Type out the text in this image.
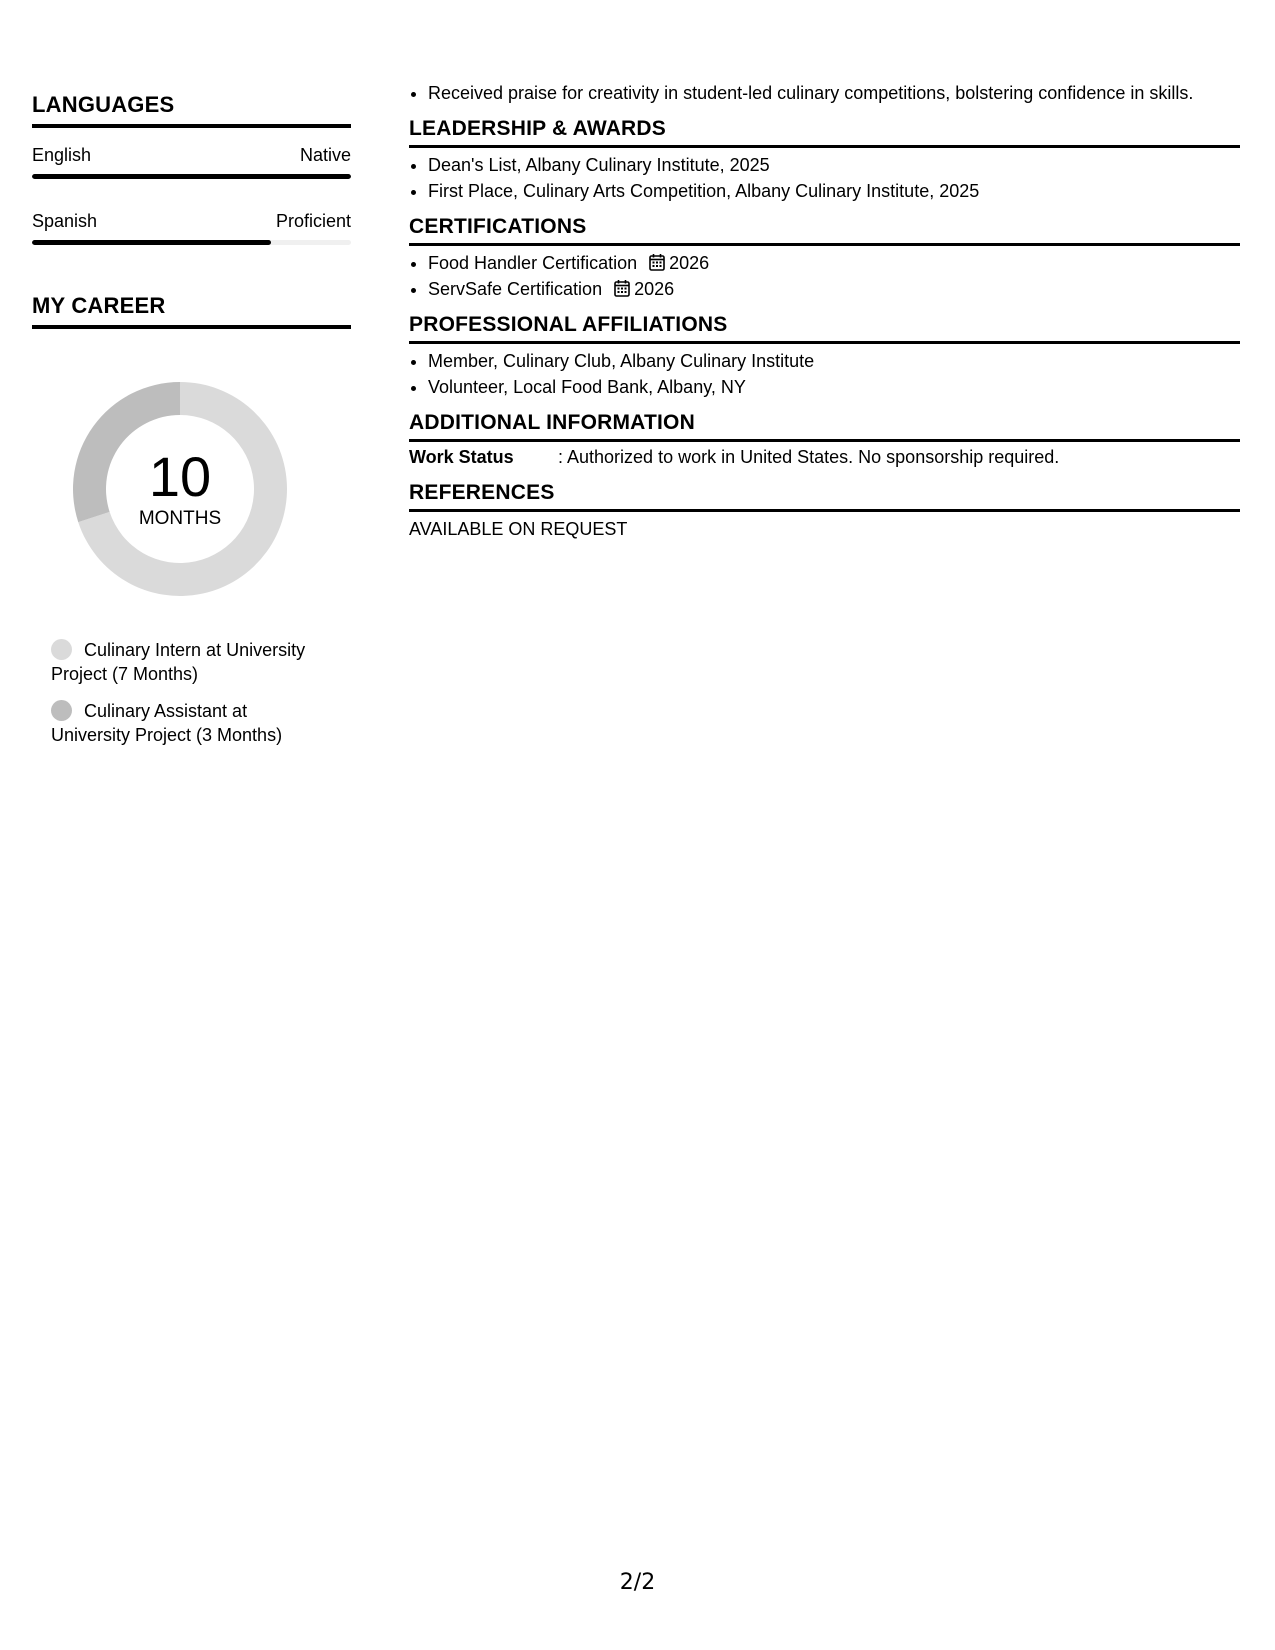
LANGUAGES
English	Native
Spanish	Proficient
MY CAREER
10
MONTHS
Culinary Intern at University Project (7 Months)
Culinary Assistant at University Project (3 Months)
• Received praise for creativity in student-led culinary competitions, bolstering confidence in skills.
LEADERSHIP & AWARDS
• Dean's List, Albany Culinary Institute, 2025
• First Place, Culinary Arts Competition, Albany Culinary Institute, 2025
CERTIFICATIONS
• Food Handler Certification 2026
• ServSafe Certification 2026
PROFESSIONAL AFFILIATIONS
• Member, Culinary Club, Albany Culinary Institute
• Volunteer, Local Food Bank, Albany, NY
ADDITIONAL INFORMATION
Work Status	: Authorized to work in United States. No sponsorship required.
REFERENCES
AVAILABLE ON REQUEST
2/2
